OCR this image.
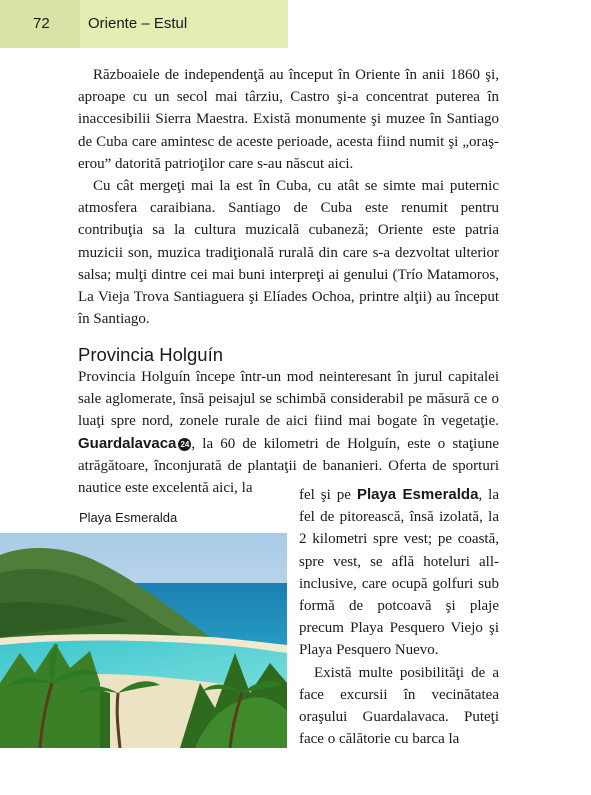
72	Oriente – Estul

Războaiele de independenţă au început în Oriente în anii 1860 şi, aproape cu un secol mai târziu, Castro şi-a concentrat puterea în inaccesibilii Sierra Maestra. Există monumente şi muzee în Santiago de Cuba care amintesc de aceste perioade, acesta fiind numit şi „oraş-erou” datorită patrioţilor care s-au născut aici.

Cu cât mergeţi mai la est în Cuba, cu atât se simte mai puternic atmosfera caraibiana. Santiago de Cuba este renumit pentru contribuţia sa la cultura muzicală cubaneză; Oriente este patria muzicii son, muzica tradiţională rurală din care s-a dezvoltat ulterior salsa; mulţi dintre cei mai buni interpreţi ai genului (Trío Matamoros, La Vieja Trova Santiaguera şi Elíades Ochoa, printre alţii) au început în Santiago.

Provincia Holguín

Provincia Holguín începe într-un mod neinteresant în jurul capitalei sale aglomerate, însă peisajul se schimbă considerabil pe măsură ce o luaţi spre nord, zonele rurale de aici fiind mai bogate în vegetaţie. Guardalavaca 24 , la 60 de kilometri de Holguín, este o staţiune atrăgătoare, înconjurată de plantaţii de bananieri. Oferta de sporturi nautice este excelentă aici, la

Playa Esmeralda

fel şi pe Playa Esmeralda, la fel de pitorească, însă izolată, la 2 kilometri spre vest; pe coastă, spre vest, se află hoteluri all-inclusive, care ocupă golfuri sub formă de potcoavă şi plaje precum Playa Pesquero Viejo şi Playa Pesquero Nuevo.

Există multe posibilităţi de a face excursii în vecinătatea oraşului Guardalavaca. Puteţi face o călătorie cu barca la
